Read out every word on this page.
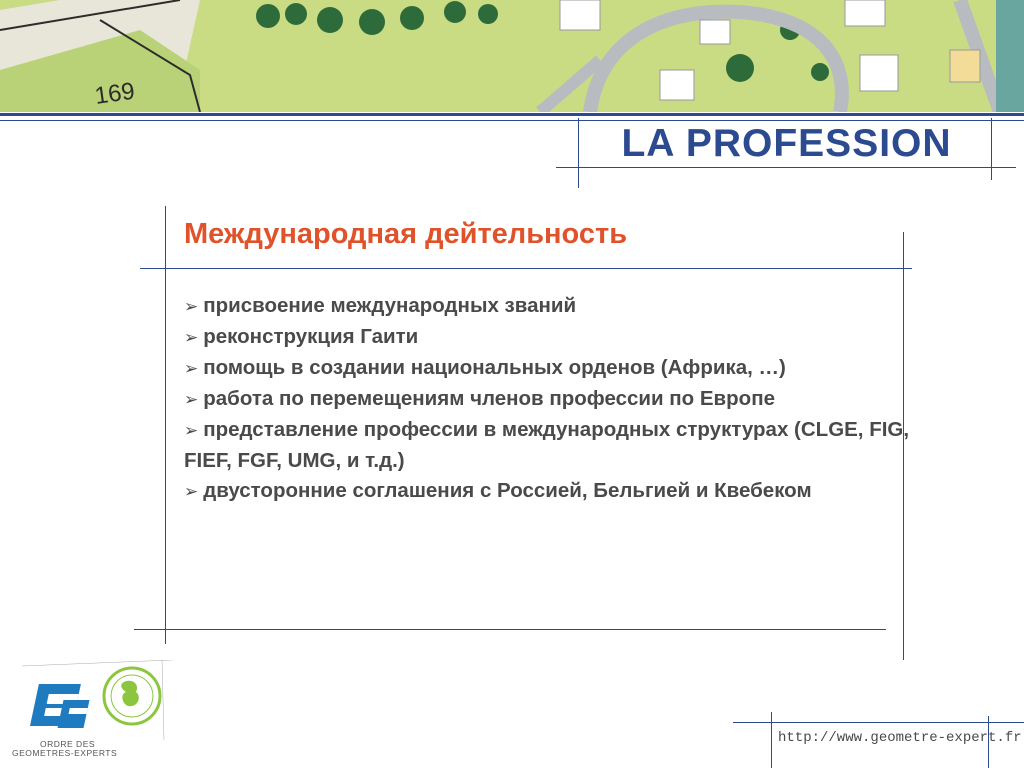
169
LA PROFESSION
Международная дейтельность

➢ присвоение международных званий

➢ реконструкция Гаити

➢ помощь в создании национальных орденов (Африка, …)

➢ работа по перемещениям членов профессии по Европе

➢ представление профессии в международных структурах (CLGE, FIG, FIEF, FGF, UMG, и т.д.)

➢ двусторонние соглашения с Россией, Бельгией и Квебеком

ORDRE DES
GEOMETRES-EXPERTS
http://www.geometre-expert.fr
